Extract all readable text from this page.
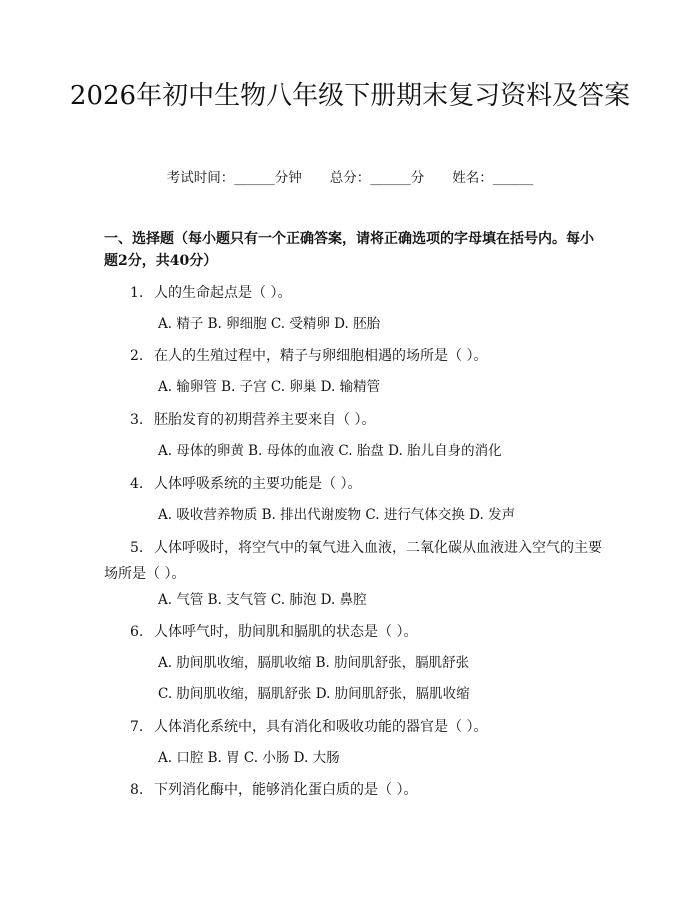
2026年初中生物八年级下册期末复习资料及答案
考试时间：______分钟 总分：______分 姓名：______
一、选择题（每小题只有一个正确答案，请将正确选项的字母填在括号内。每小题2分，共40分）
1. 人的生命起点是（ ）。
A. 精子 B. 卵细胞 C. 受精卵 D. 胚胎
2. 在人的生殖过程中，精子与卵细胞相遇的场所是（ ）。
A. 输卵管 B. 子宫 C. 卵巢 D. 输精管
3. 胚胎发育的初期营养主要来自（ ）。
A. 母体的卵黄 B. 母体的血液 C. 胎盘 D. 胎儿自身的消化
4. 人体呼吸系统的主要功能是（ ）。
A. 吸收营养物质 B. 排出代谢废物 C. 进行气体交换 D. 发声
5. 人体呼吸时，将空气中的氧气进入血液，二氧化碳从血液进入空气的主要场所是（ ）。
A. 气管 B. 支气管 C. 肺泡 D. 鼻腔
6. 人体呼气时，肋间肌和膈肌的状态是（ ）。
A. 肋间肌收缩，膈肌收缩 B. 肋间肌舒张，膈肌舒张
C. 肋间肌收缩，膈肌舒张 D. 肋间肌舒张，膈肌收缩
7. 人体消化系统中，具有消化和吸收功能的器官是（ ）。
A. 口腔 B. 胃 C. 小肠 D. 大肠
8. 下列消化酶中，能够消化蛋白质的是（ ）。
